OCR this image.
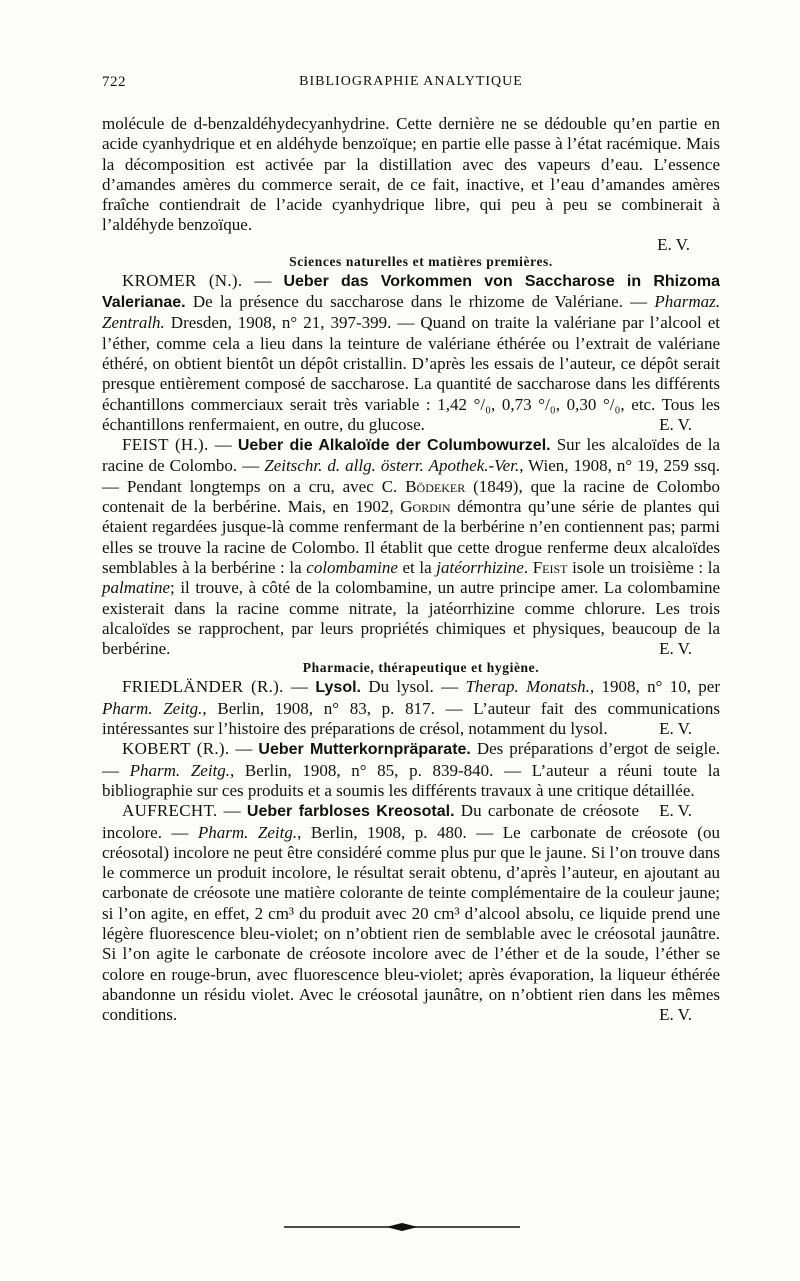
722	BIBLIOGRAPHIE ANALYTIQUE

molécule de d-benzaldéhydecyanhydrine. Cette dernière ne se dédouble qu’en partie en acide cyanhydrique et en aldéhyde benzoïque; en partie elle passe à l’état racémique. Mais la décomposition est activée par la distillation avec des vapeurs d’eau. L’essence d’amandes amères du commerce serait, de ce fait, inactive, et l’eau d’amandes amères fraîche contiendrait de l’acide cyanhydrique libre, qui peu à peu se combinerait à l’aldéhyde benzoïque.

E. V.

Sciences naturelles et matières premières.

KROMER (N.). — Ueber das Vorkommen von Saccharose in Rhizoma Valerianae. De la présence du saccharose dans le rhizome de Valériane. — Pharmaz. Zentralh. Dresden, 1908, n° 21, 397-399. — Quand on traite la valériane par l’alcool et l’éther, comme cela a lieu dans la teinture de valériane éthérée ou l’extrait de valériane éthéré, on obtient bientôt un dépôt cristallin. D’après les essais de l’auteur, ce dépôt serait presque entièrement composé de saccharose. La quantité de saccharose dans les différents échantillons commerciaux serait très variable : 1,42 °/₀, 0,73 °/₀, 0,30 °/₀, etc. Tous les échantillons renfermaient, en outre, du glucose.	E. V.

FEIST (H.). — Ueber die Alkaloïde der Columbowurzel. Sur les alcaloïdes de la racine de Colombo. — Zeitschr. d. allg. österr. Apothek.-Ver., Wien, 1908, n° 19, 259 ssq. — Pendant longtemps on a cru, avec C. Bödeker (1849), que la racine de Colombo contenait de la berbérine. Mais, en 1902, Gordin démontra qu’une série de plantes qui étaient regardées jusque-là comme renfermant de la berbérine n’en contiennent pas; parmi elles se trouve la racine de Colombo. Il établit que cette drogue renferme deux alcaloïdes semblables à la berbérine : la colombamine et la jatéorrhizine. Feist isole un troisième : la palmatine; il trouve, à côté de la colombamine, un autre principe amer. La colombamine existerait dans la racine comme nitrate, la jatéorrhizine comme chlorure. Les trois alcaloïdes se rapprochent, par leurs propriétés chimiques et physiques, beaucoup de la berbérine.	E. V.

Pharmacie, thérapeutique et hygiène.

FRIEDLÄNDER (R.). — Lysol. Du lysol. — Therap. Monatsh., 1908, n° 10, per Pharm. Zeitg., Berlin, 1908, n° 83, p. 817. — L’auteur fait des communications intéressantes sur l’histoire des préparations de crésol, notamment du lysol.	E. V.

KOBERT (R.). — Ueber Mutterkornpräparate. Des préparations d’ergot de seigle. — Pharm. Zeitg., Berlin, 1908, n° 85, p. 839-840. — L’auteur a réuni toute la bibliographie sur ces produits et a soumis les différents travaux à une critique détaillée.
E. V.

AUFRECHT. — Ueber farbloses Kreosotal. Du carbonate de créosote incolore. — Pharm. Zeitg., Berlin, 1908, p. 480. — Le carbonate de créosote (ou créosotal) incolore ne peut être considéré comme plus pur que le jaune. Si l’on trouve dans le commerce un produit incolore, le résultat serait obtenu, d’après l’auteur, en ajoutant au carbonate de créosote une matière colorante de teinte complémentaire de la couleur jaune; si l’on agite, en effet, 2 cm³ du produit avec 20 cm³ d’alcool absolu, ce liquide prend une légère fluorescence bleu-violet; on n’obtient rien de semblable avec le créosotal jaunâtre. Si l’on agite le carbonate de créosote incolore avec de l’éther et de la soude, l’éther se colore en rouge-brun, avec fluorescence bleu-violet; après évaporation, la liqueur éthérée abandonne un résidu violet. Avec le créosotal jaunâtre, on n’obtient rien dans les mêmes conditions.	E. V.
